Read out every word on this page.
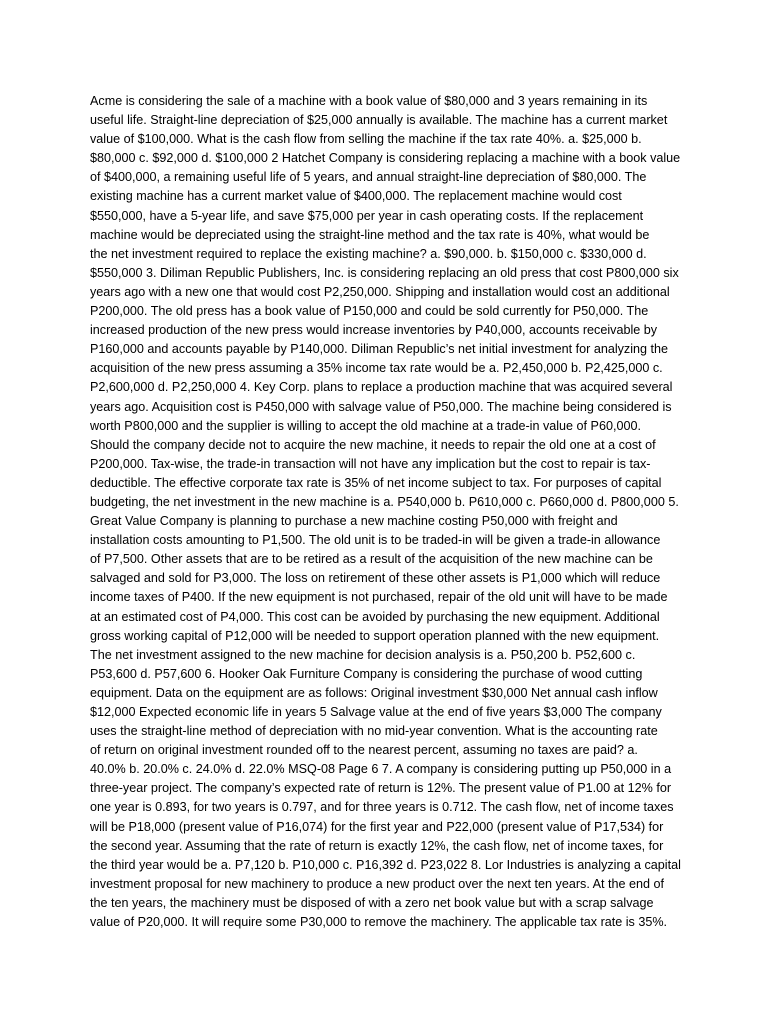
Acme is considering the sale of a machine with a book value of $80,000 and 3 years remaining in its
useful life. Straight-line depreciation of $25,000 annually is available. The machine has a current market
value of $100,000. What is the cash flow from selling the machine if the tax rate 40%. a. $25,000 b.
$80,000 c. $92,000 d. $100,000 2 Hatchet Company is considering replacing a machine with a book value
of $400,000, a remaining useful life of 5 years, and annual straight-line depreciation of $80,000. The
existing machine has a current market value of $400,000. The replacement machine would cost
$550,000, have a 5-year life, and save $75,000 per year in cash operating costs. If the replacement
machine would be depreciated using the straight-line method and the tax rate is 40%, what would be
the net investment required to replace the existing machine? a. $90,000. b. $150,000 c. $330,000 d.
$550,000 3. Diliman Republic Publishers, Inc. is considering replacing an old press that cost P800,000 six
years ago with a new one that would cost P2,250,000. Shipping and installation would cost an additional
P200,000. The old press has a book value of P150,000 and could be sold currently for P50,000. The
increased production of the new press would increase inventories by P40,000, accounts receivable by
P160,000 and accounts payable by P140,000. Diliman Republic’s net initial investment for analyzing the
acquisition of the new press assuming a 35% income tax rate would be a. P2,450,000 b. P2,425,000 c.
P2,600,000 d. P2,250,000 4. Key Corp. plans to replace a production machine that was acquired several
years ago. Acquisition cost is P450,000 with salvage value of P50,000. The machine being considered is
worth P800,000 and the supplier is willing to accept the old machine at a trade-in value of P60,000.
Should the company decide not to acquire the new machine, it needs to repair the old one at a cost of
P200,000. Tax-wise, the trade-in transaction will not have any implication but the cost to repair is tax-
deductible. The effective corporate tax rate is 35% of net income subject to tax. For purposes of capital
budgeting, the net investment in the new machine is a. P540,000 b. P610,000 c. P660,000 d. P800,000 5.
Great Value Company is planning to purchase a new machine costing P50,000 with freight and
installation costs amounting to P1,500. The old unit is to be traded-in will be given a trade-in allowance
of P7,500. Other assets that are to be retired as a result of the acquisition of the new machine can be
salvaged and sold for P3,000. The loss on retirement of these other assets is P1,000 which will reduce
income taxes of P400. If the new equipment is not purchased, repair of the old unit will have to be made
at an estimated cost of P4,000. This cost can be avoided by purchasing the new equipment. Additional
gross working capital of P12,000 will be needed to support operation planned with the new equipment.
The net investment assigned to the new machine for decision analysis is a. P50,200 b. P52,600 c.
P53,600 d. P57,600 6. Hooker Oak Furniture Company is considering the purchase of wood cutting
equipment. Data on the equipment are as follows: Original investment $30,000 Net annual cash inflow
$12,000 Expected economic life in years 5 Salvage value at the end of five years $3,000 The company
uses the straight-line method of depreciation with no mid-year convention. What is the accounting rate
of return on original investment rounded off to the nearest percent, assuming no taxes are paid? a.
40.0% b. 20.0% c. 24.0% d. 22.0% MSQ-08 Page 6 7. A company is considering putting up P50,000 in a
three-year project. The company’s expected rate of return is 12%. The present value of P1.00 at 12% for
one year is 0.893, for two years is 0.797, and for three years is 0.712. The cash flow, net of income taxes
will be P18,000 (present value of P16,074) for the first year and P22,000 (present value of P17,534) for
the second year. Assuming that the rate of return is exactly 12%, the cash flow, net of income taxes, for
the third year would be a. P7,120 b. P10,000 c. P16,392 d. P23,022 8. Lor Industries is analyzing a capital
investment proposal for new machinery to produce a new product over the next ten years. At the end of
the ten years, the machinery must be disposed of with a zero net book value but with a scrap salvage
value of P20,000. It will require some P30,000 to remove the machinery. The applicable tax rate is 35%.
